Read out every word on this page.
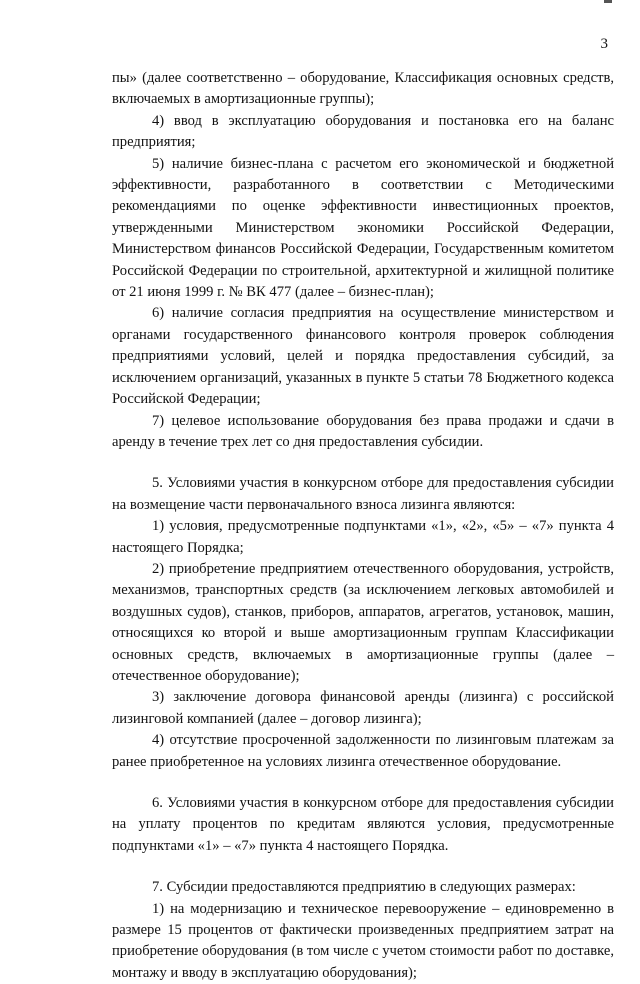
3

пы» (далее соответственно – оборудование, Классификация основных средств, включаемых в амортизационные группы);

4) ввод в эксплуатацию оборудования и постановка его на баланс предприятия;

5) наличие бизнес-плана с расчетом его экономической и бюджетной эффективности, разработанного в соответствии с Методическими рекомендациями по оценке эффективности инвестиционных проектов, утвержденными Министерством экономики Российской Федерации, Министерством финансов Российской Федерации, Государственным комитетом Российской Федерации по строительной, архитектурной и жилищной политике от 21 июня 1999 г. № ВК 477 (далее – бизнес-план);

6) наличие согласия предприятия на осуществление министерством и органами государственного финансового контроля проверок соблюдения предприятиями условий, целей и порядка предоставления субсидий, за исключением организаций, указанных в пункте 5 статьи 78 Бюджетного кодекса Российской Федерации;

7) целевое использование оборудования без права продажи и сдачи в аренду в течение трех лет со дня предоставления субсидии.

5. Условиями участия в конкурсном отборе для предоставления субсидии на возмещение части первоначального взноса лизинга являются:

1) условия, предусмотренные подпунктами «1», «2», «5» – «7» пункта 4 настоящего Порядка;

2) приобретение предприятием отечественного оборудования, устройств, механизмов, транспортных средств (за исключением легковых автомобилей и воздушных судов), станков, приборов, аппаратов, агрегатов, установок, машин, относящихся ко второй и выше амортизационным группам Классификации основных средств, включаемых в амортизационные группы (далее – отечественное оборудование);

3) заключение договора финансовой аренды (лизинга) с российской лизинговой компанией (далее – договор лизинга);

4) отсутствие просроченной задолженности по лизинговым платежам за ранее приобретенное на условиях лизинга отечественное оборудование.

6. Условиями участия в конкурсном отборе для предоставления субсидии на уплату процентов по кредитам являются условия, предусмотренные подпунктами «1» – «7» пункта 4 настоящего Порядка.

7. Субсидии предоставляются предприятию в следующих размерах:

1) на модернизацию и техническое перевооружение – единовременно в размере 15 процентов от фактически произведенных предприятием затрат на приобретение оборудования (в том числе с учетом стоимости работ по доставке, монтажу и вводу в эксплуатацию оборудования);
